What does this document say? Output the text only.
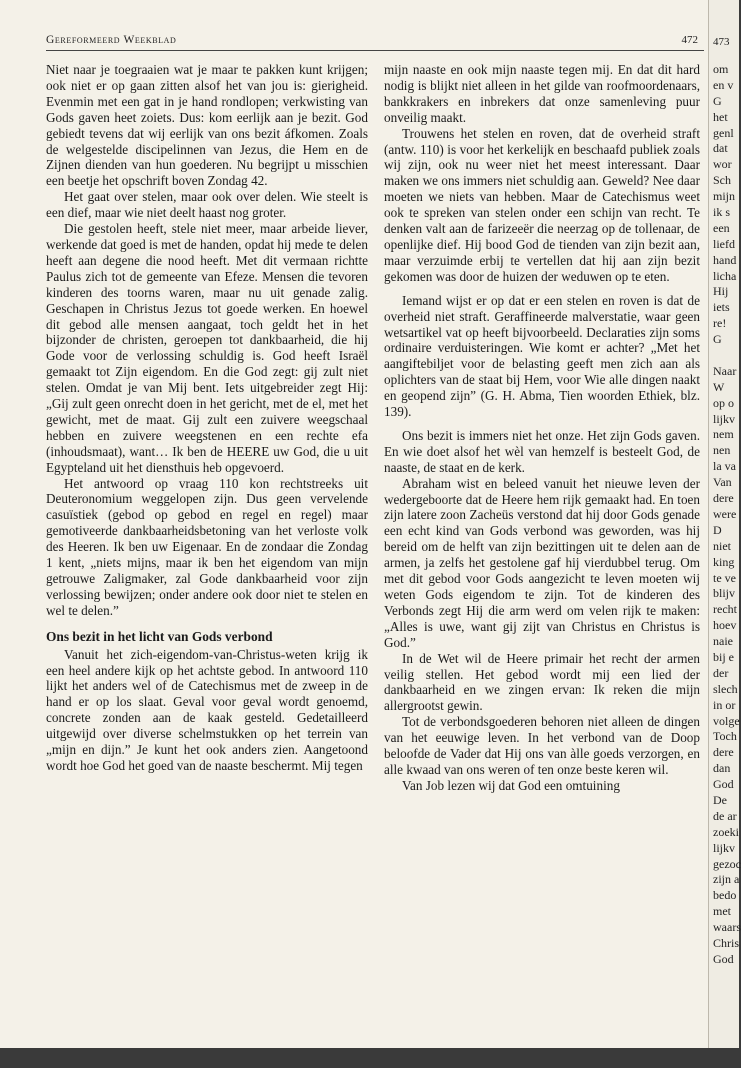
Gereformeerd Weekblad	472

Niet naar je toegraaien wat je maar te pakken kunt krijgen; ook niet er op gaan zitten alsof het van jou is: gierigheid. Evenmin met een gat in je hand rondlopen; verkwisting van Gods gaven heet zoiets. Dus: kom eerlijk aan je bezit. God gebiedt tevens dat wij eerlijk van ons bezit áfkomen. Zoals de welgestelde discipelinnen van Jezus, die Hem en de Zijnen dienden van hun goederen. Nu begrijpt u misschien een beetje het opschrift boven Zondag 42.

Het gaat over stelen, maar ook over delen. Wie steelt is een dief, maar wie niet deelt haast nog groter.

Die gestolen heeft, stele niet meer, maar arbeide liever, werkende dat goed is met de handen, opdat hij mede te delen heeft aan degene die nood heeft. Met dit vermaan richtte Paulus zich tot de gemeente van Efeze. Mensen die tevoren kinderen des toorns waren, maar nu uit genade zalig. Geschapen in Christus Jezus tot goede werken. En hoewel dit gebod alle mensen aangaat, toch geldt het in het bijzonder de christen, geroepen tot dankbaarheid, die hij Gode voor de verlossing schuldig is. God heeft Israël gemaakt tot Zijn eigendom. En die God zegt: gij zult niet stelen. Omdat je van Mij bent. Iets uitgebreider zegt Hij: „Gij zult geen onrecht doen in het gericht, met de el, met het gewicht, met de maat. Gij zult een zuivere weegschaal hebben en zuivere weegstenen en een rechte efa (inhoudsmaat), want… Ik ben de HEERE uw God, die u uit Egypteland uit het diensthuis heb opgevoerd.

Het antwoord op vraag 110 kon rechtstreeks uit Deuteronomium weggelopen zijn. Dus geen vervelende casuïstiek (gebod op gebod en regel en regel) maar gemotiveerde dankbaarheidsbetoning van het verloste volk des Heeren. Ik ben uw Eigenaar. En de zondaar die Zondag 1 kent, „niets mijns, maar ik ben het eigendom van mijn getrouwe Zaligmaker, zal Gode dankbaarheid voor zijn verlossing bewijzen; onder andere ook door niet te stelen en wel te delen.”

Ons bezit in het licht van Gods verbond

Vanuit het zich-eigendom-van-Christus-weten krijg ik een heel andere kijk op het achtste gebod. In antwoord 110 lijkt het anders wel of de Catechismus met de zweep in de hand er op los slaat. Geval voor geval wordt genoemd, concrete zonden aan de kaak gesteld. Gedetailleerd uitgewijd over diverse schelmstukken op het terrein van „mijn en dijn.” Je kunt het ook anders zien. Aangetoond wordt hoe God het goed van de naaste beschermt. Mij tegen

mijn naaste en ook mijn naaste tegen mij. En dat dit hard nodig is blijkt niet alleen in het gilde van roofmoordenaars, bankkrakers en inbrekers dat onze samenleving puur onveilig maakt.

Trouwens het stelen en roven, dat de overheid straft (antw. 110) is voor het kerkelijk en beschaafd publiek zoals wij zijn, ook nu weer niet het meest interessant. Daar maken we ons immers niet schuldig aan. Geweld? Nee daar moeten we niets van hebben. Maar de Catechismus weet ook te spreken van stelen onder een schijn van recht. Te denken valt aan de farizeeër die neerzag op de tollenaar, de openlijke dief. Hij bood God de tienden van zijn bezit aan, maar verzuimde erbij te vertellen dat hij aan zijn bezit gekomen was door de huizen der weduwen op te eten.

Iemand wijst er op dat er een stelen en roven is dat de overheid niet straft. Geraffineerde malverstatie, waar geen wetsartikel vat op heeft bijvoorbeeld. Declaraties zijn soms ordinaire verduisteringen. Wie komt er achter? „Met het aangiftebiljet voor de belasting geeft men zich aan als oplichters van de staat bij Hem, voor Wie alle dingen naakt en geopend zijn” (G. H. Abma, Tien woorden Ethiek, blz. 139).

Ons bezit is immers niet het onze. Het zijn Gods gaven. En wie doet alsof het wèl van hemzelf is besteelt God, de naaste, de staat en de kerk.

Abraham wist en beleed vanuit het nieuwe leven der wedergeboorte dat de Heere hem rijk gemaakt had. En toen zijn latere zoon Zacheüs verstond dat hij door Gods genade een echt kind van Gods verbond was geworden, was hij bereid om de helft van zijn bezittingen uit te delen aan de armen, ja zelfs het gestolene gaf hij vierdubbel terug. Om met dit gebod voor Gods aangezicht te leven moeten wij weten Gods eigendom te zijn. Tot de kinderen des Verbonds zegt Hij die arm werd om velen rijk te maken: „Alles is uwe, want gij zijt van Christus en Christus is God.”

In de Wet wil de Heere primair het recht der armen veilig stellen. Het gebod wordt mij een lied der dankbaarheid en we zingen ervan: Ik reken die mijn allergrootst gewin.

Tot de verbondsgoederen behoren niet alleen de dingen van het eeuwige leven. In het verbond van de Doop beloofde de Vader dat Hij ons van àlle goeds verzorgen, en alle kwaad van ons weren of ten onze beste keren wil.

Van Job lezen wij dat God een omtuining

473
om
en v
G
het
genl
dat
wor
Sch
mijn
ik s
een
liefd
hand
licha
Hij
iets
re!
G
Naar
W
op o
lijkv
nem
nen
la va
Van
dere
were
D
niet
king
te ve
blijv
recht
hoev
naie
bij e
der
slech
in or
volge
Toch
dere
dan
God
De
de ar
zoeki
lijkv
gezoc
zijn a
bedo
met
waars
Chris
God
